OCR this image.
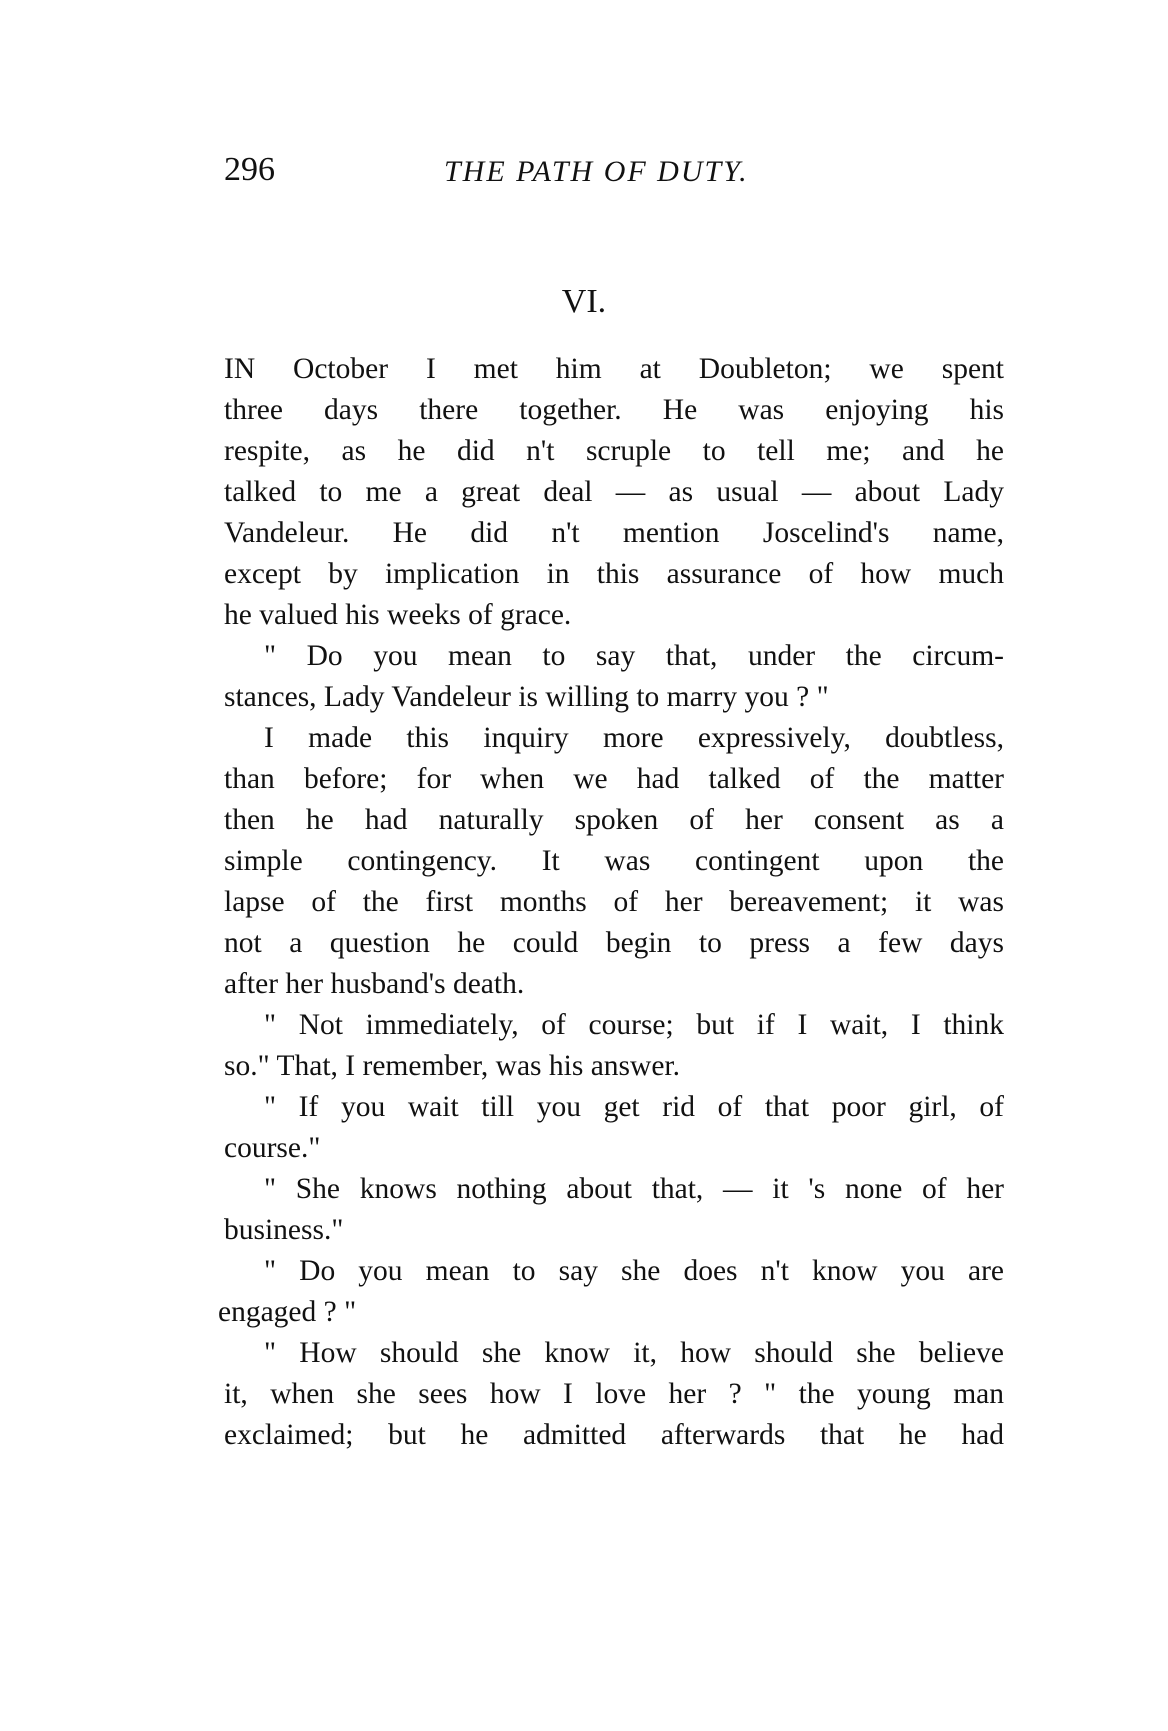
296	THE PATH OF DUTY.
VI.

IN October I met him at Doubleton; we spent
three days there together. He was enjoying his
respite, as he did n't scruple to tell me; and he
talked to me a great deal — as usual — about Lady
Vandeleur. He did n't mention Joscelind's name,
except by implication in this assurance of how much
he valued his weeks of grace.

" Do you mean to say that, under the circum-
stances, Lady Vandeleur is willing to marry you ? "

I made this inquiry more expressively, doubtless,
than before; for when we had talked of the matter
then he had naturally spoken of her consent as a
simple contingency. It was contingent upon the
lapse of the first months of her bereavement; it was
not a question he could begin to press a few days
after her husband's death.

" Not immediately, of course; but if I wait, I think
so." That, I remember, was his answer.

" If you wait till you get rid of that poor girl, of
course."

" She knows nothing about that, — it 's none of her
business."

" Do you mean to say she does n't know you are
engaged ? "

" How should she know it, how should she believe
it, when she sees how I love her ? " the young man
exclaimed; but he admitted afterwards that he had
